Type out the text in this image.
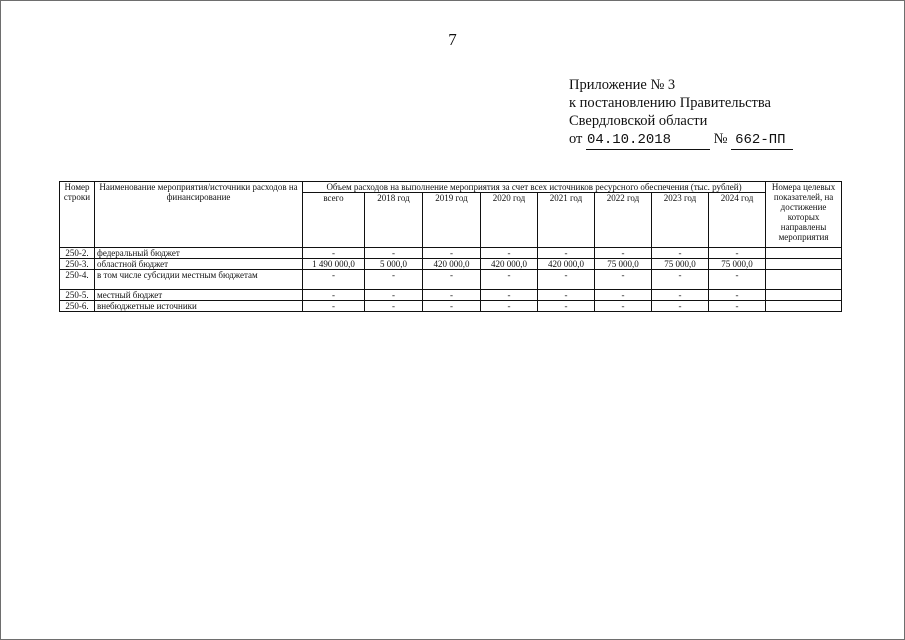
7
Приложение № 3
к постановлению Правительства
Свердловской области
от 04.10.2018	№ 662-ПП
Номер строки	Наименование мероприятия/источники расходов на финансирование	Объем расходов на выполнение мероприятия за счет всех источников ресурсного обеспечения (тыс. рублей)								Номера целевых показателей, на достижение которых направлены мероприятия
		всего	2018 год	2019 год	2020 год	2021 год	2022 год	2023 год	2024 год	
250-2.	федеральный бюджет	-	-	-	-	-	-	-	-	
250-3.	областной бюджет	1 490 000,0	5 000,0	420 000,0	420 000,0	420 000,0	75 000,0	75 000,0	75 000,0	
250-4.	в том числе субсидии местным бюджетам	-	-	-	-	-	-	-	-	
250-5.	местный бюджет	-	-	-	-	-	-	-	-	
250-6.	внебюджетные источники	-	-	-	-	-	-	-	-	
